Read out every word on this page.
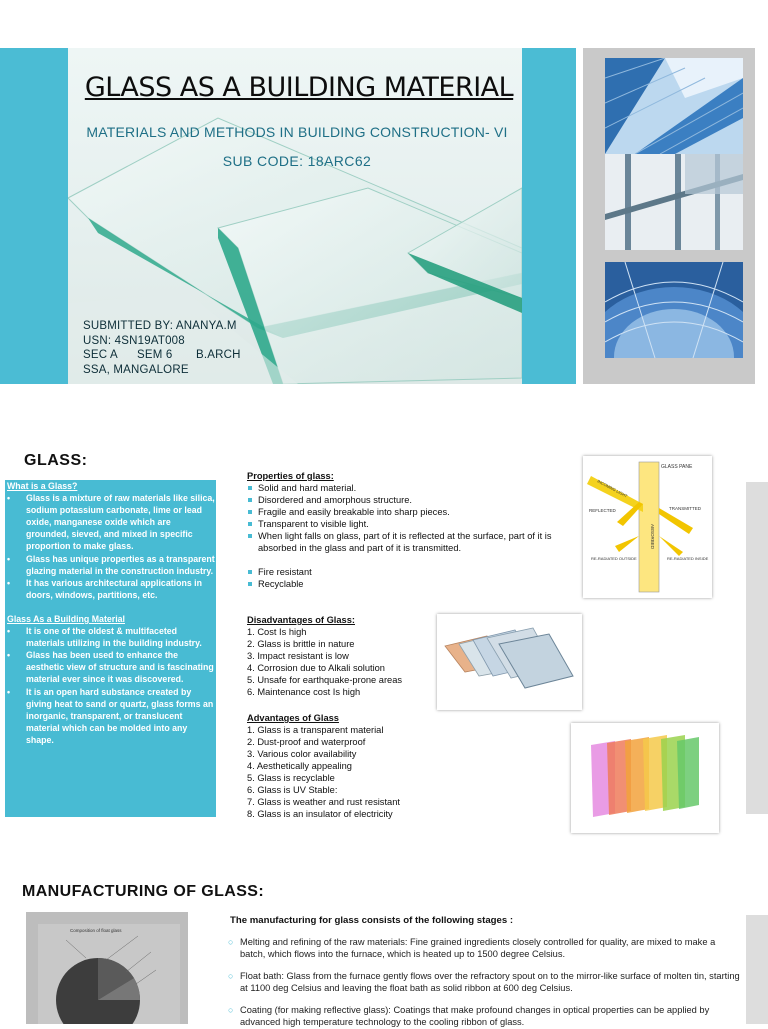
GLASS AS A BUILDING MATERIAL
MATERIALS AND METHODS IN BUILDING CONSTRUCTION- VI
SUB CODE: 18ARC62
SUBMITTED BY: ANANYA.M
USN: 4SN19AT008
SEC A SEM 6 B.ARCH
SSA, MANGALORE
GLASS:
What is a Glass?
• Glass is a mixture of raw materials like silica, sodium potassium carbonate, lime or lead oxide, manganese oxide which are grounded, sieved, and mixed in specific proportion to make glass.
• Glass has unique properties as a transparent glazing material in the construction industry.
• It has various architectural applications in doors, windows, partitions, etc.
Glass As a Building Material
• It is one of the oldest & multifaceted materials utilizing in the building industry.
• Glass has been used to enhance the aesthetic view of structure and is fascinating material ever since it was discovered.
• It is an open hard substance created by giving heat to sand or quartz, glass forms an inorganic, transparent, or translucent material which can be molded into any shape.
Properties of glass:
Solid and hard material.
Disordered and amorphous structure.
Fragile and easily breakable into sharp pieces.
Transparent to visible light.
When light falls on glass, part of it is reflected at the surface, part of it is absorbed in the glass and part of it is transmitted.
Fire resistant
Recyclable
GLASS PANE
INCOMING LIGHT
REFLECTED	TRANSMITTED
ABSORBED
RE-RADIATED OUTSIDE	RE-RADIATED INSIDE
Disadvantages of Glass:
1. Cost Is high
2. Glass is brittle in nature
3. Impact resistant is low
4. Corrosion due to Alkali solution
5. Unsafe for earthquake-prone areas
6. Maintenance cost Is high
Advantages of Glass
1. Glass is a transparent material
2. Dust-proof and waterproof
3. Various color availability
4. Aesthetically appealing
5. Glass is recyclable
6. Glass is UV Stable:
7. Glass is weather and rust resistant
8. Glass is an insulator of electricity
MANUFACTURING OF GLASS:
The manufacturing for glass consists of the following stages :
Composition of float glass
○ Melting and refining of the raw materials: Fine grained ingredients closely controlled for quality, are mixed to make a batch, which flows into the furnace, which is heated up to 1500 degree Celsius.
○ Float bath: Glass from the furnace gently flows over the refractory spout on to the mirror-like surface of molten tin, starting at 1100 deg Celsius and leaving the float bath as solid ribbon at 600 deg Celsius.
○ Coating (for making reflective glass): Coatings that make profound changes in optical properties can be applied by advanced high temperature technology to the cooling ribbon of glass.
